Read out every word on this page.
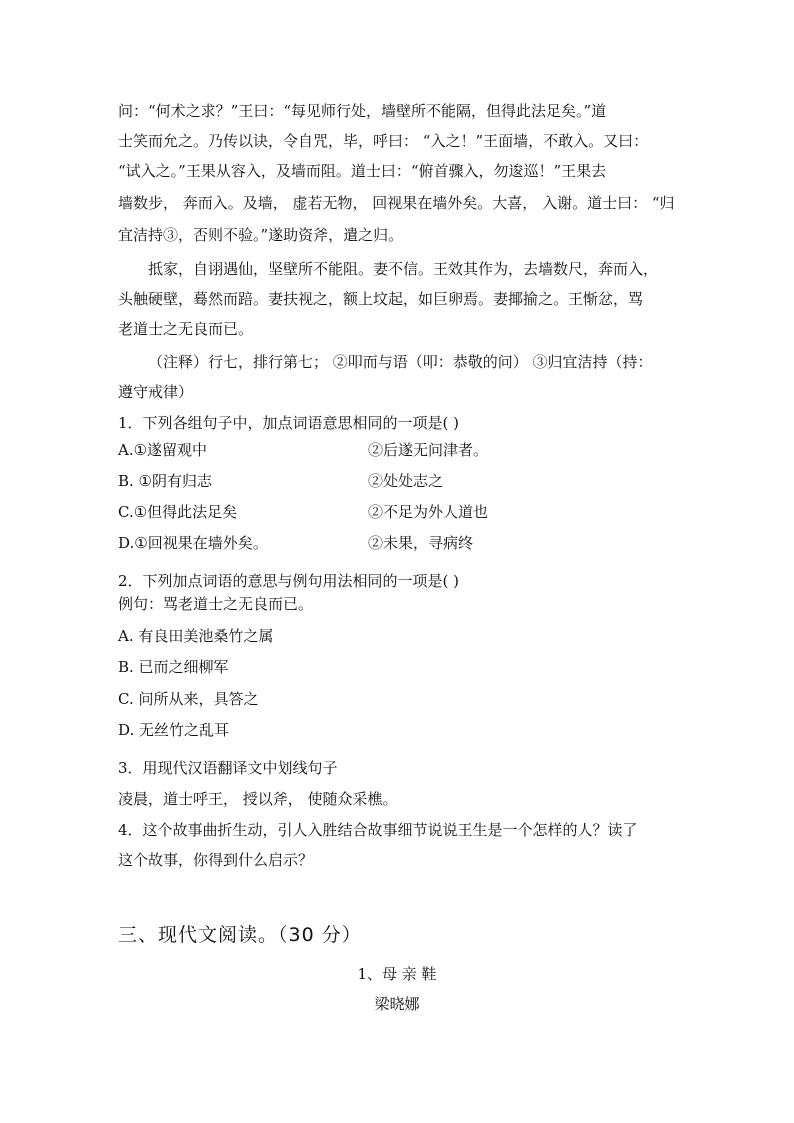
问：“何术之求？”王曰：“每见师行处，墙壁所不能隔，但得此法足矣。”道
士笑而允之。乃传以诀，令自咒，毕，呼曰： “入之！”王面墙，不敢入。又曰：
“试入之。”王果从容入，及墙而阻。道士曰：“俯首骤入，勿逡巡！”王果去
墙数步， 奔而入。及墙， 虚若无物， 回视果在墙外矣。大喜， 入谢。道士曰： “归
宜洁持③，否则不验。”遂助资斧，遣之归。
抵家，自诩遇仙，坚壁所不能阻。妻不信。王效其作为，去墙数尺，奔而入，
头触硬壁，蓦然而踣。妻扶视之，额上坟起，如巨卵焉。妻揶揄之。王惭忿，骂
老道士之无良而已。
（注释）行七，排行第七； ②叩而与语（叩：恭敬的问） ③归宜洁持（持：
遵守戒律）
1．下列各组句子中，加点词语意思相同的一项是( )
A.①遂留观中	②后遂无问津者。
B. ①阴有归志	②处处志之
C.①但得此法足矣	②不足为外人道也
D.①回视果在墙外矣。	②未果，寻病终
2．下列加点词语的意思与例句用法相同的一项是( )
例句：骂老道士之无良而已。
A. 有良田美池桑竹之属
B. 已而之细柳军
C. 问所从来，具答之
D. 无丝竹之乱耳
3．用现代汉语翻译文中划线句子
凌晨，道士呼王， 授以斧， 使随众采樵。
4．这个故事曲折生动，引人入胜结合故事细节说说王生是一个怎样的人？读了
这个故事，你得到什么启示？
三、现代文阅读。（30 分）
1、母 亲 鞋
梁晓娜
